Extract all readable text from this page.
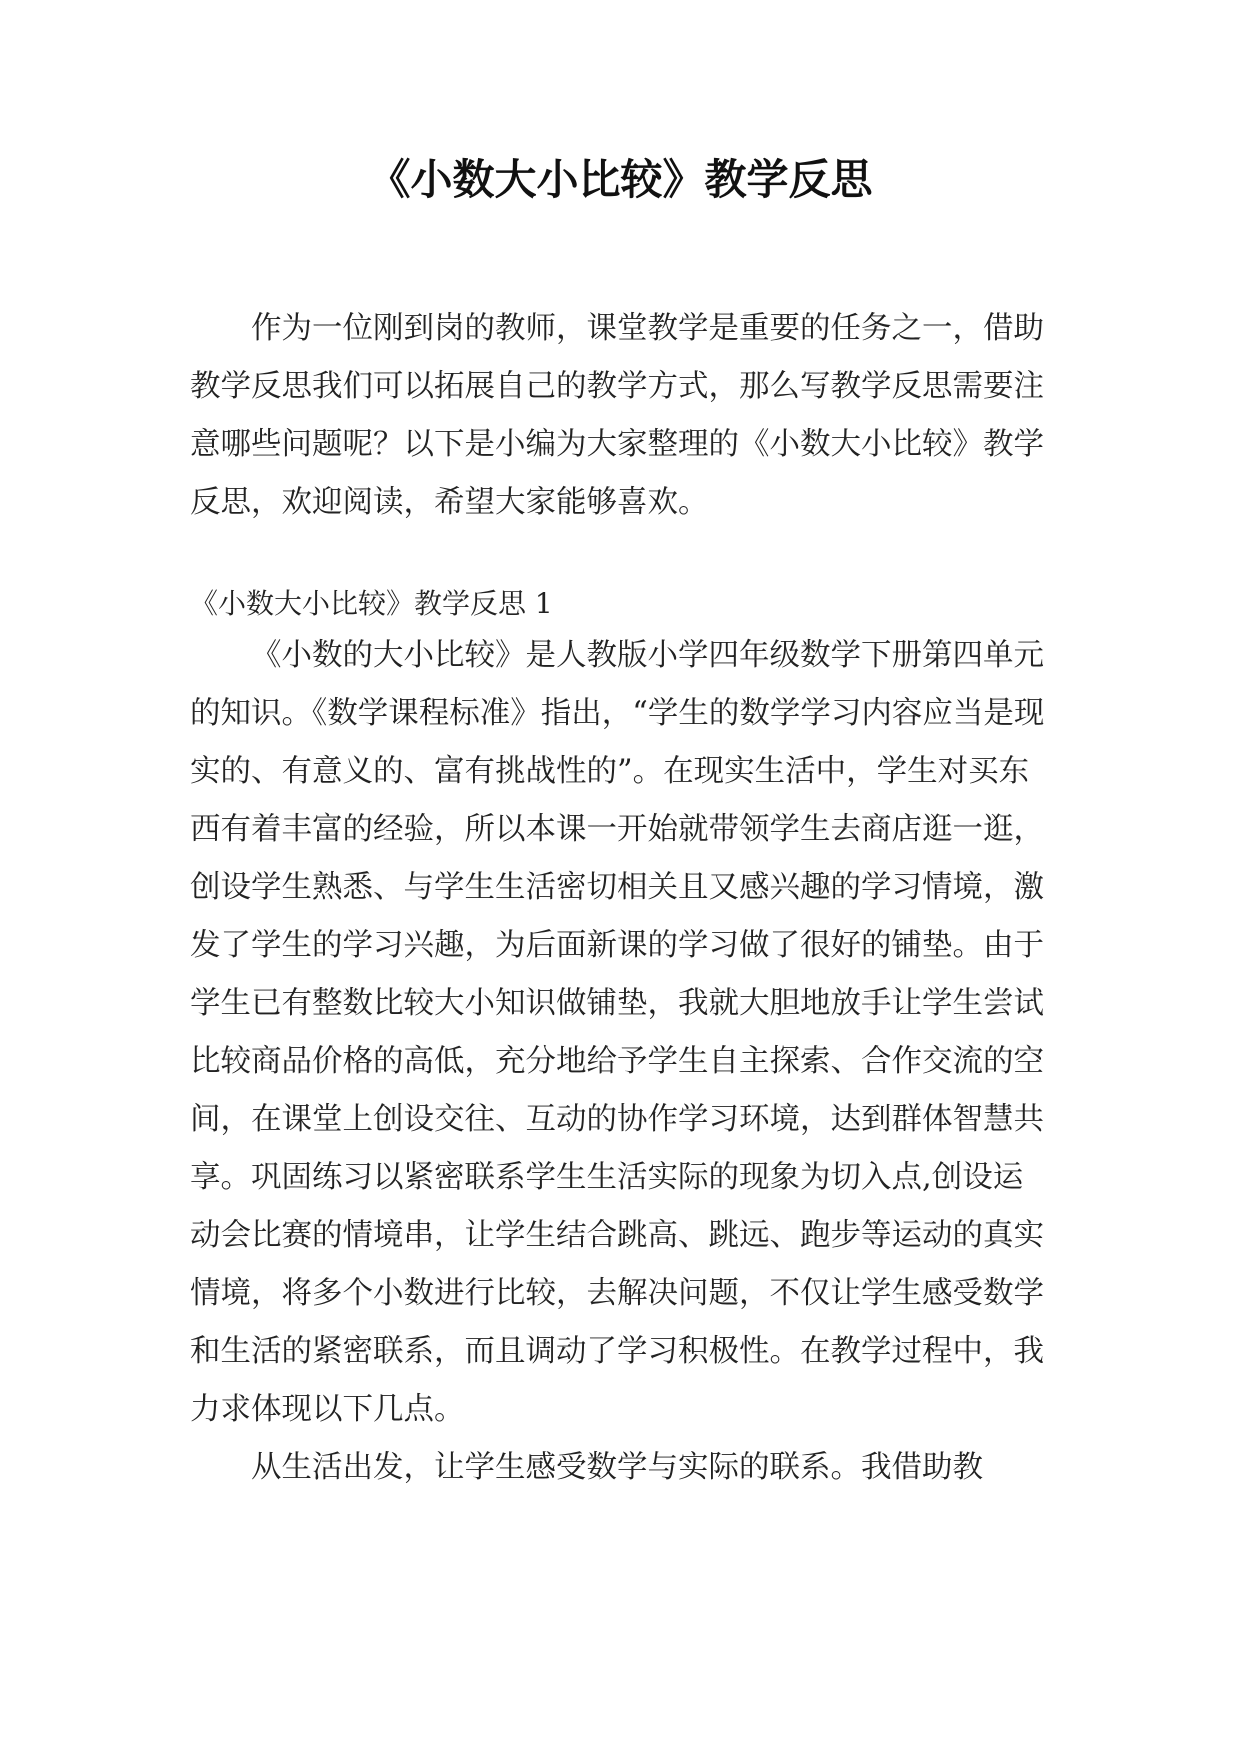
《小数大小比较》教学反思

作为一位刚到岗的教师，课堂教学是重要的任务之一，借助教学反思我们可以拓展自己的教学方式，那么写教学反思需要注意哪些问题呢？以下是小编为大家整理的《小数大小比较》教学反思，欢迎阅读，希望大家能够喜欢。

《小数大小比较》教学反思 1

《小数的大小比较》是人教版小学四年级数学下册第四单元的知识。《数学课程标准》指出，“学生的数学学习内容应当是现实的、有意义的、富有挑战性的”。在现实生活中，学生对买东西有着丰富的经验，所以本课一开始就带领学生去商店逛一逛，创设学生熟悉、与学生生活密切相关且又感兴趣的学习情境，激发了学生的学习兴趣，为后面新课的学习做了很好的铺垫。由于学生已有整数比较大小知识做铺垫，我就大胆地放手让学生尝试比较商品价格的高低，充分地给予学生自主探索、合作交流的空间，在课堂上创设交往、互动的协作学习环境，达到群体智慧共享。巩固练习以紧密联系学生生活实际的现象为切入点,创设运动会比赛的情境串，让学生结合跳高、跳远、跑步等运动的真实情境，将多个小数进行比较，去解决问题，不仅让学生感受数学和生活的紧密联系，而且调动了学习积极性。在教学过程中，我力求体现以下几点。

从生活出发，让学生感受数学与实际的联系。我借助教
